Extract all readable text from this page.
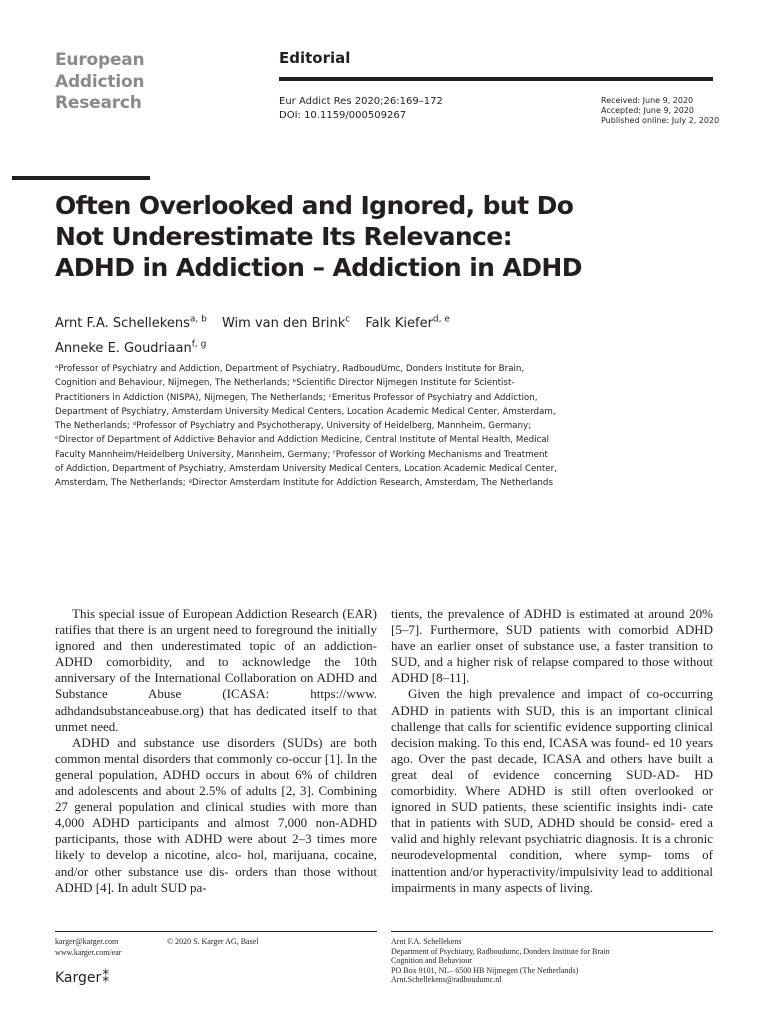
European
Addiction
Research
Editorial
Eur Addict Res 2020;26:169–172
DOI: 10.1159/000509267
Received: June 9, 2020
Accepted: June 9, 2020
Published online: July 2, 2020
Often Overlooked and Ignored, but Do
Not Underestimate Its Relevance:
ADHD in Addiction – Addiction in ADHD
Arnt F.A. Schellekens$^{a, b}$ Wim van den Brink$^c$ Falk Kiefer$^{d, e}$
Anneke E. Goudriaan$^{f, g}$
ᵃProfessor of Psychiatry and Addiction, Department of Psychiatry, RadboudUmc, Donders Institute for Brain,
Cognition and Behaviour, Nijmegen, The Netherlands; ᵇScientific Director Nijmegen Institute for Scientist-
Practitioners in Addiction (NISPA), Nijmegen, The Netherlands; ᶜEmeritus Professor of Psychiatry and Addiction,
Department of Psychiatry, Amsterdam University Medical Centers, Location Academic Medical Center, Amsterdam,
The Netherlands; ᵈProfessor of Psychiatry and Psychotherapy, University of Heidelberg, Mannheim, Germany;
ᵉDirector of Department of Addictive Behavior and Addiction Medicine, Central Institute of Mental Health, Medical
Faculty Mannheim/Heidelberg University, Mannheim, Germany; ᶠProfessor of Working Mechanisms and Treatment
of Addiction, Department of Psychiatry, Amsterdam University Medical Centers, Location Academic Medical Center,
Amsterdam, The Netherlands; ᵍDirector Amsterdam Institute for Addiction Research, Amsterdam, The Netherlands

This special issue of European Addiction Research (EAR) ratifies that there is an urgent need to foreground the initially ignored and then underestimated topic of an addiction-ADHD comorbidity, and to acknowledge the 10th anniversary of the International Collaboration on ADHD and Substance Abuse (ICASA: https://www. adhdandsubstanceabuse.org) that has dedicated itself to that unmet need.

ADHD and substance use disorders (SUDs) are both common mental disorders that commonly co-occur [1]. In the general population, ADHD occurs in about 6% of children and adolescents and about 2.5% of adults [2, 3]. Combining 27 general population and clinical studies with more than 4,000 ADHD participants and almost 7,000 non-ADHD participants, those with ADHD were about 2–3 times more likely to develop a nicotine, alco- hol, marijuana, cocaine, and/or other substance use dis- orders than those without ADHD [4]. In adult SUD pa-

tients, the prevalence of ADHD is estimated at around 20% [5–7]. Furthermore, SUD patients with comorbid ADHD have an earlier onset of substance use, a faster transition to SUD, and a higher risk of relapse compared to those without ADHD [8–11].

Given the high prevalence and impact of co-occurring ADHD in patients with SUD, this is an important clinical challenge that calls for scientific evidence supporting clinical decision making. To this end, ICASA was found- ed 10 years ago. Over the past decade, ICASA and others have built a great deal of evidence concerning SUD-AD- HD comorbidity. Where ADHD is still often overlooked or ignored in SUD patients, these scientific insights indi- cate that in patients with SUD, ADHD should be consid- ered a valid and highly relevant psychiatric diagnosis. It is a chronic neurodevelopmental condition, where symp- toms of inattention and/or hyperactivity/impulsivity lead to additional impairments in many aspects of living.

karger@karger.com
www.karger.com/ear
© 2020 S. Karger AG, Basel
Karger⁑
Arnt F.A. Schellekens
Department of Psychiatry, Radboudumc, Donders Institute for Brain
Cognition and Behaviour
PO Box 9101, NL– 6500 HB Nijmegen (The Netherlands)
Arnt.Schellekens@radboudumc.nl
